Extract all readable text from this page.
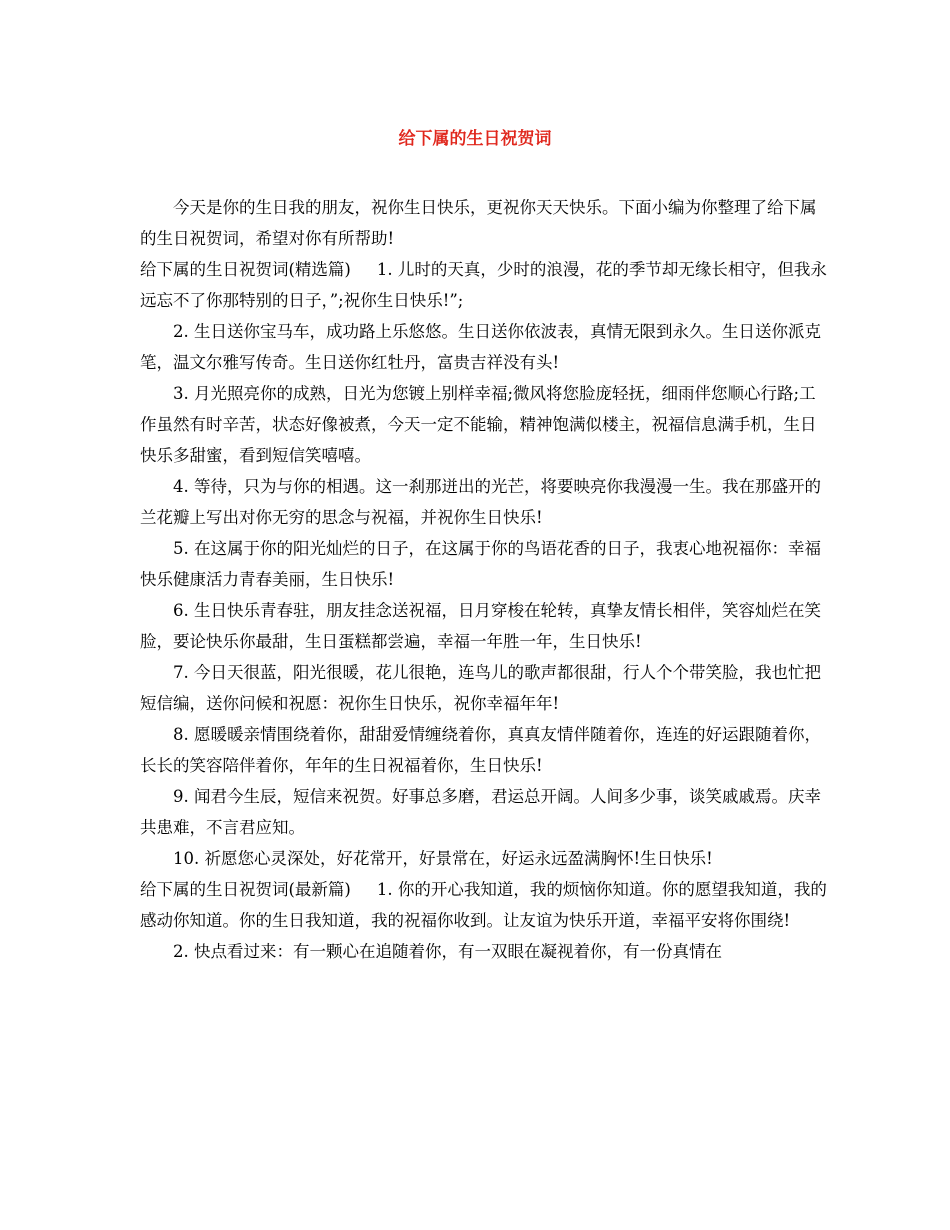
给下属的生日祝贺词

今天是你的生日我的朋友，祝你生日快乐，更祝你天天快乐。下面小编为你整理了给下属的生日祝贺词，希望对你有所帮助!

给下属的生日祝贺词(精选篇) 1. 儿时的天真，少时的浪漫，花的季节却无缘长相守，但我永远忘不了你那特别的日子，”;祝你生日快乐!”;

2. 生日送你宝马车，成功路上乐悠悠。生日送你依波表，真情无限到永久。生日送你派克笔，温文尔雅写传奇。生日送你红牡丹，富贵吉祥没有头!

3. 月光照亮你的成熟，日光为您镀上别样幸福;微风将您脸庞轻抚，细雨伴您顺心行路;工作虽然有时辛苦，状态好像被煮，今天一定不能输，精神饱满似楼主，祝福信息满手机，生日快乐多甜蜜，看到短信笑嘻嘻。

4. 等待，只为与你的相遇。这一刹那迸出的光芒，将要映亮你我漫漫一生。我在那盛开的兰花瓣上写出对你无穷的思念与祝福，并祝你生日快乐!

5. 在这属于你的阳光灿烂的日子，在这属于你的鸟语花香的日子，我衷心地祝福你：幸福快乐健康活力青春美丽，生日快乐!

6. 生日快乐青春驻，朋友挂念送祝福，日月穿梭在轮转，真挚友情长相伴，笑容灿烂在笑脸，要论快乐你最甜，生日蛋糕都尝遍，幸福一年胜一年，生日快乐!

7. 今日天很蓝，阳光很暖，花儿很艳，连鸟儿的歌声都很甜，行人个个带笑脸，我也忙把短信编，送你问候和祝愿：祝你生日快乐，祝你幸福年年!

8. 愿暖暖亲情围绕着你，甜甜爱情缠绕着你，真真友情伴随着你，连连的好运跟随着你，长长的笑容陪伴着你，年年的生日祝福着你，生日快乐!

9. 闻君今生辰，短信来祝贺。好事总多磨，君运总开阔。人间多少事，谈笑戚戚焉。庆幸共患难，不言君应知。

10. 祈愿您心灵深处，好花常开，好景常在，好运永远盈满胸怀!生日快乐!

给下属的生日祝贺词(最新篇) 1. 你的开心我知道，我的烦恼你知道。你的愿望我知道，我的感动你知道。你的生日我知道，我的祝福你收到。让友谊为快乐开道，幸福平安将你围绕!

2. 快点看过来：有一颗心在追随着你，有一双眼在凝视着你，有一份真情在
